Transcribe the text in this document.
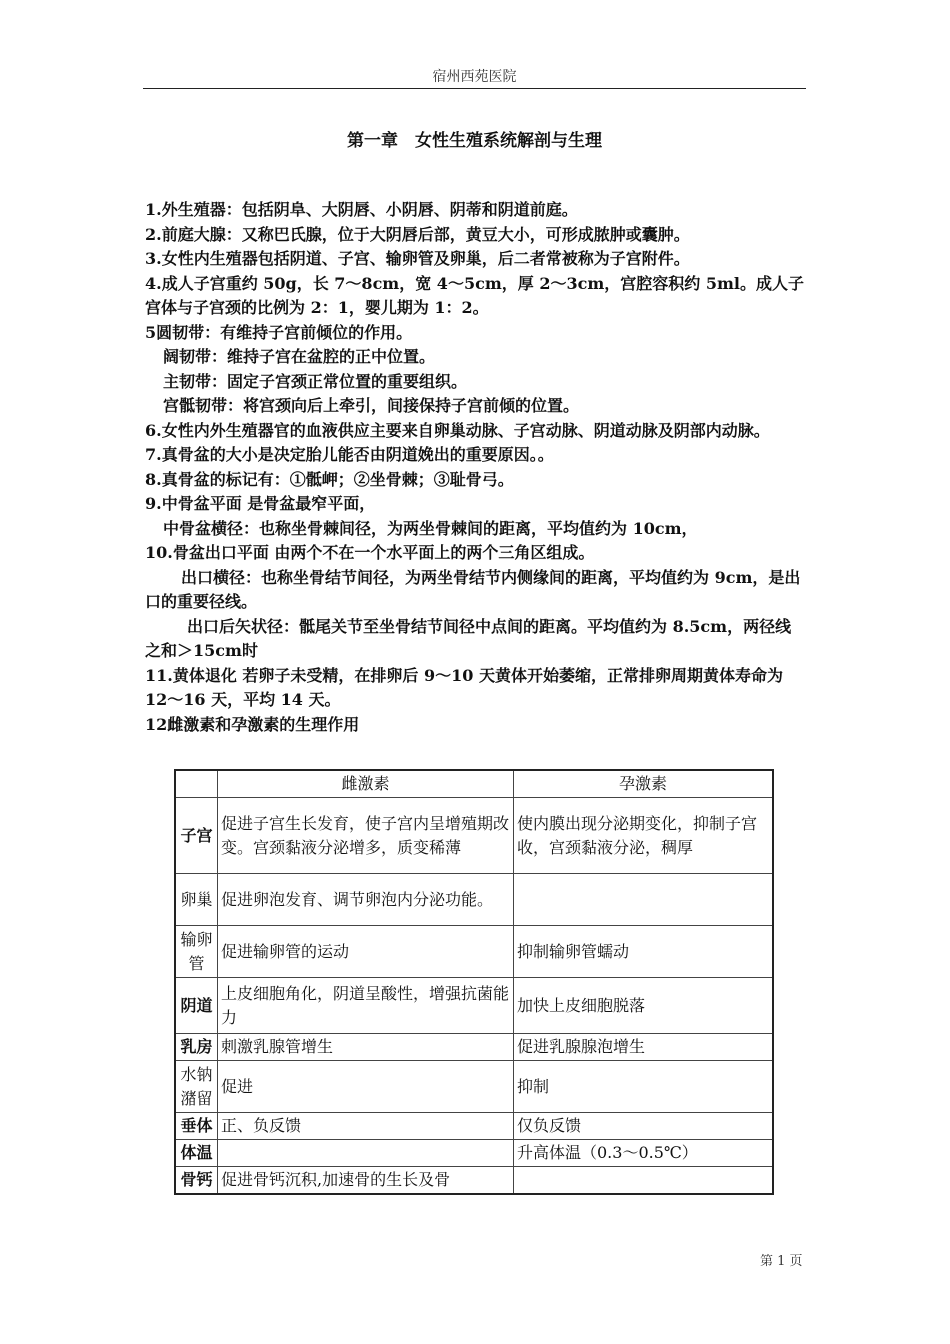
宿州西苑医院
第一章　女性生殖系统解剖与生理

1.外生殖器：包括阴阜、大阴唇、小阴唇、阴蒂和阴道前庭。

2.前庭大腺：又称巴氏腺，位于大阴唇后部，黄豆大小，可形成脓肿或囊肿。

3.女性内生殖器包括阴道、子宫、输卵管及卵巢，后二者常被称为子宫附件。

4.成人子宫重约 50g，长 7～8cm，宽 4～5cm，厚 2～3cm，宫腔容积约 5ml。成人子宫体与子宫颈的比例为 2：1，婴儿期为 1：2。

5圆韧带：有维持子宫前倾位的作用。

阔韧带：维持子宫在盆腔的正中位置。

主韧带：固定子宫颈正常位置的重要组织。

宫骶韧带：将宫颈向后上牵引，间接保持子宫前倾的位置。

6.女性内外生殖器官的血液供应主要来自卵巢动脉、子宫动脉、阴道动脉及阴部内动脉。

7.真骨盆的大小是决定胎儿能否由阴道娩出的重要原因。。

8.真骨盆的标记有：①骶岬；②坐骨棘；③耻骨弓。

9.中骨盆平面 是骨盆最窄平面，

中骨盆横径：也称坐骨棘间径，为两坐骨棘间的距离，平均值约为 10cm，

10.骨盆出口平面 由两个不在一个水平面上的两个三角区组成。

出口横径：也称坐骨结节间径，为两坐骨结节内侧缘间的距离，平均值约为 9cm，是出口的重要径线。

出口后矢状径：骶尾关节至坐骨结节间径中点间的距离。平均值约为 8.5cm，两径线之和＞15cm时

11.黄体退化 若卵子未受精，在排卵后 9～10 天黄体开始萎缩，正常排卵周期黄体寿命为 12～16 天，平均 14 天。

12雌激素和孕激素的生理作用

	雌激素	孕激素
子宫	促进子宫生长发育，使子宫内呈增殖期改变。宫颈黏液分泌增多，质变稀薄	使内膜出现分泌期变化，抑制子宫收，宫颈黏液分泌，稠厚
卵巢	促进卵泡发育、调节卵泡内分泌功能。	
输卵管	促进输卵管的运动	抑制输卵管蠕动
阴道	上皮细胞角化，阴道呈酸性，增强抗菌能力	加快上皮细胞脱落
乳房	刺激乳腺管增生	促进乳腺腺泡增生
水钠潴留	促进	抑制
垂体	正、负反馈	仅负反馈
体温		升高体温（0.3～0.5℃）
骨钙	促进骨钙沉积,加速骨的生长及骨	
第 1 页
